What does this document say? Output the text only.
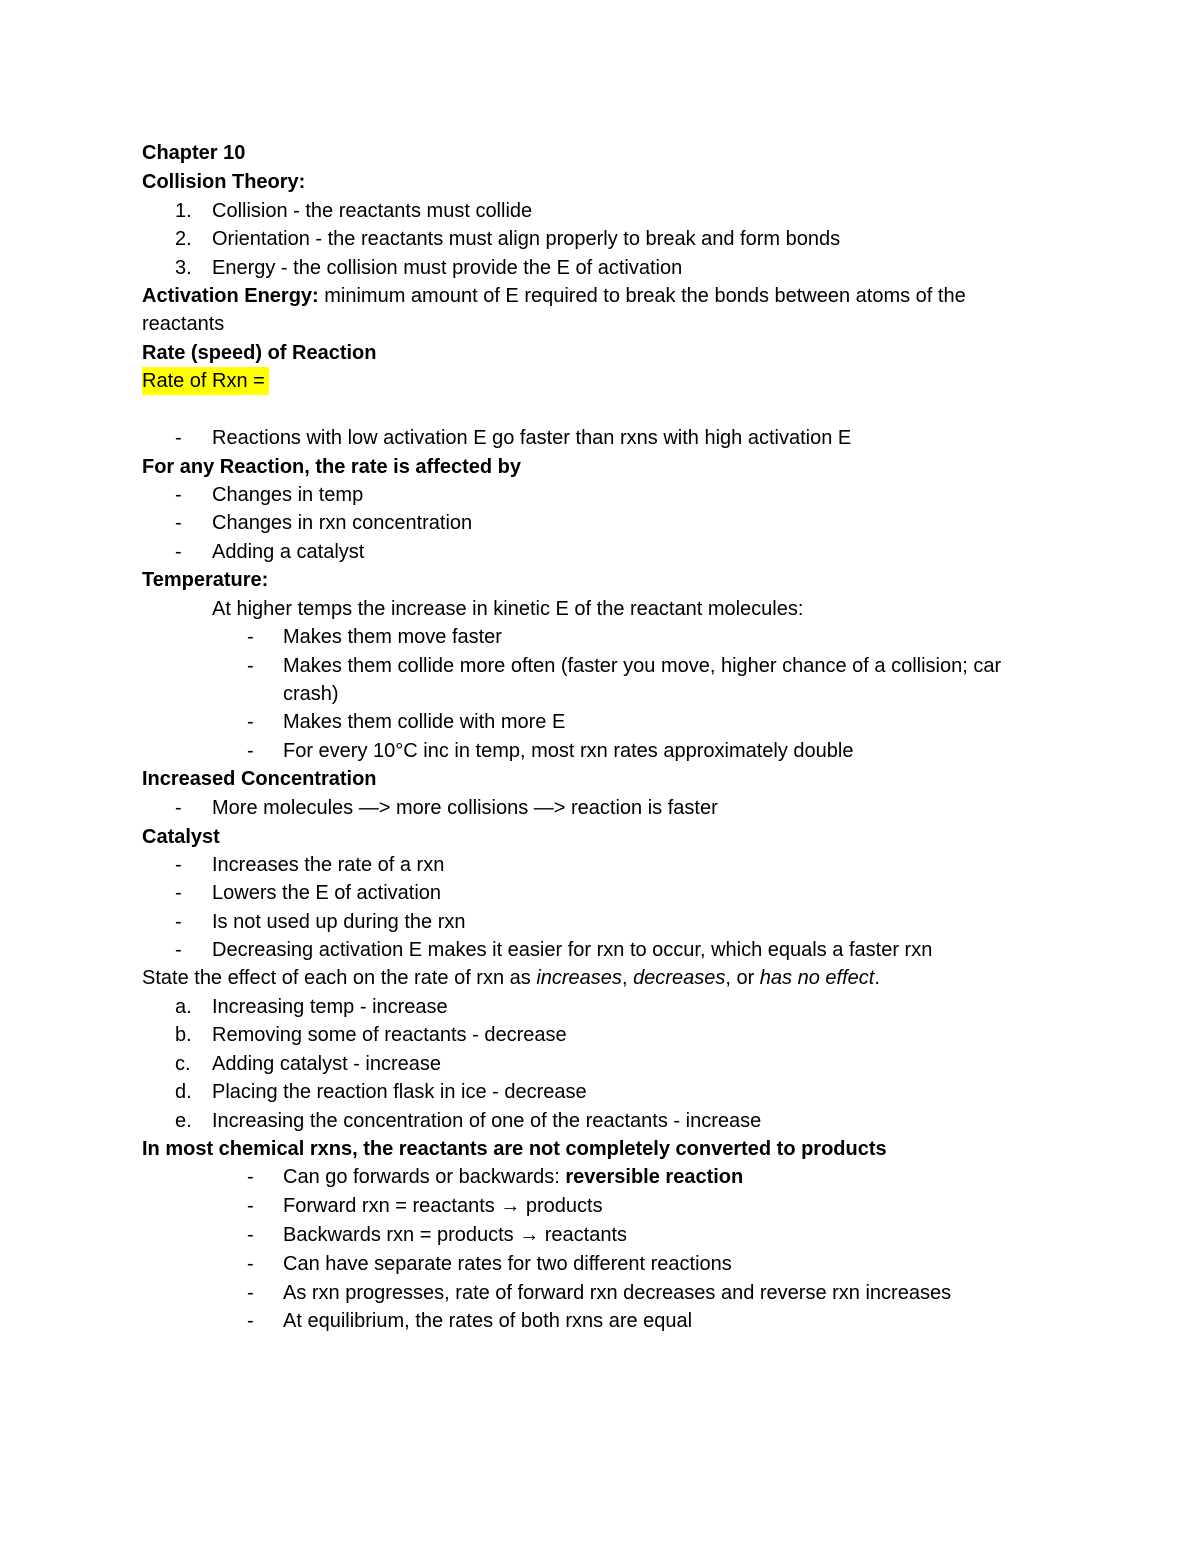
Chapter 10
Collision Theory:
1. Collision - the reactants must collide
2. Orientation - the reactants must align properly to break and form bonds
3. Energy - the collision must provide the E of activation
Activation Energy: minimum amount of E required to break the bonds between atoms of the
reactants
Rate (speed) of Reaction
Rate of Rxn =
- Reactions with low activation E go faster than rxns with high activation E
For any Reaction, the rate is affected by
- Changes in temp
- Changes in rxn concentration
- Adding a catalyst
Temperature:
At higher temps the increase in kinetic E of the reactant molecules:
- Makes them move faster
- Makes them collide more often (faster you move, higher chance of a collision; car
crash)
- Makes them collide with more E
- For every 10°C inc in temp, most rxn rates approximately double
Increased Concentration
- More molecules —> more collisions —> reaction is faster
Catalyst
- Increases the rate of a rxn
- Lowers the E of activation
- Is not used up during the rxn
- Decreasing activation E makes it easier for rxn to occur, which equals a faster rxn
State the effect of each on the rate of rxn as increases, decreases, or has no effect.
a. Increasing temp - increase
b. Removing some of reactants - decrease
c. Adding catalyst - increase
d. Placing the reaction flask in ice - decrease
e. Increasing the concentration of one of the reactants - increase
In most chemical rxns, the reactants are not completely converted to products
- Can go forwards or backwards: reversible reaction
- Forward rxn = reactants → products
- Backwards rxn = products → reactants
- Can have separate rates for two different reactions
- As rxn progresses, rate of forward rxn decreases and reverse rxn increases
- At equilibrium, the rates of both rxns are equal
